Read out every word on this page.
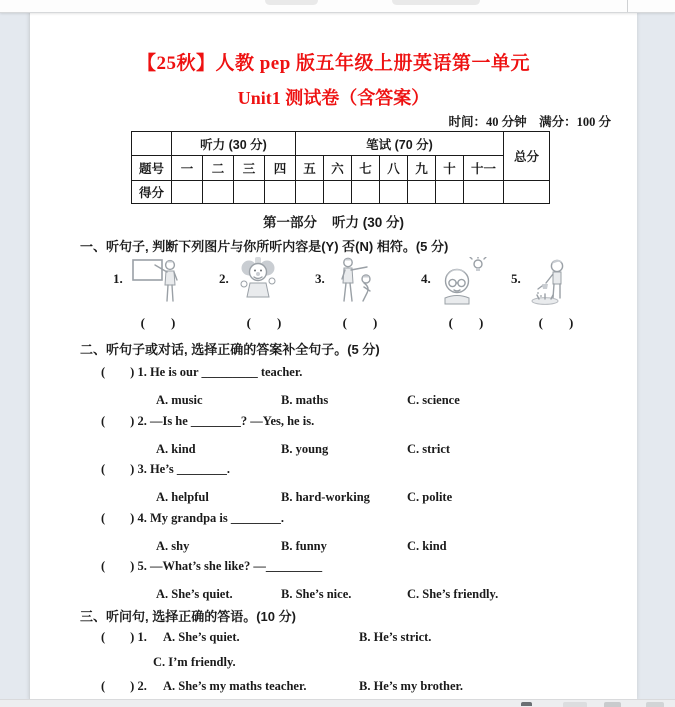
【25秋】人教 pep 版五年级上册英语第一单元
Unit1 测试卷（含答案）
时间：40 分钟　满分：100 分
	听力 (30 分)				笔试 (70 分)							总分
题号	一	二	三	四	五	六	七	八	九	十	十一	
得分												
第一部分    听力 (30 分)
一、听句子, 判断下列图片与你所听内容是(Y) 否(N) 相符。(5 分)
1.
(        )
2.
(        )
3.
(        )
4.
(        )
5.
(        )
二、听句子或对话, 选择正确的答案补全句子。(5 分)
(        ) 1. He is our _________ teacher.
A. music	B. maths	C. science
(        ) 2. —Is he ________? —Yes, he is.
A. kind	B. young	C. strict
(        ) 3. He’s ________.
A. helpful	B. hard-working	C. polite
(        ) 4. My grandpa is ________.
A. shy	B. funny	C. kind
(        ) 5. —What’s she like? —_________
A. She’s quiet.	B. She’s nice.	C. She’s friendly.
三、听问句, 选择正确的答语。(10 分)
(        ) 1. A. She’s quiet.	B. He’s strict.
C. I’m friendly.
(        ) 2. A. She’s my maths teacher.	B. He’s my brother.
